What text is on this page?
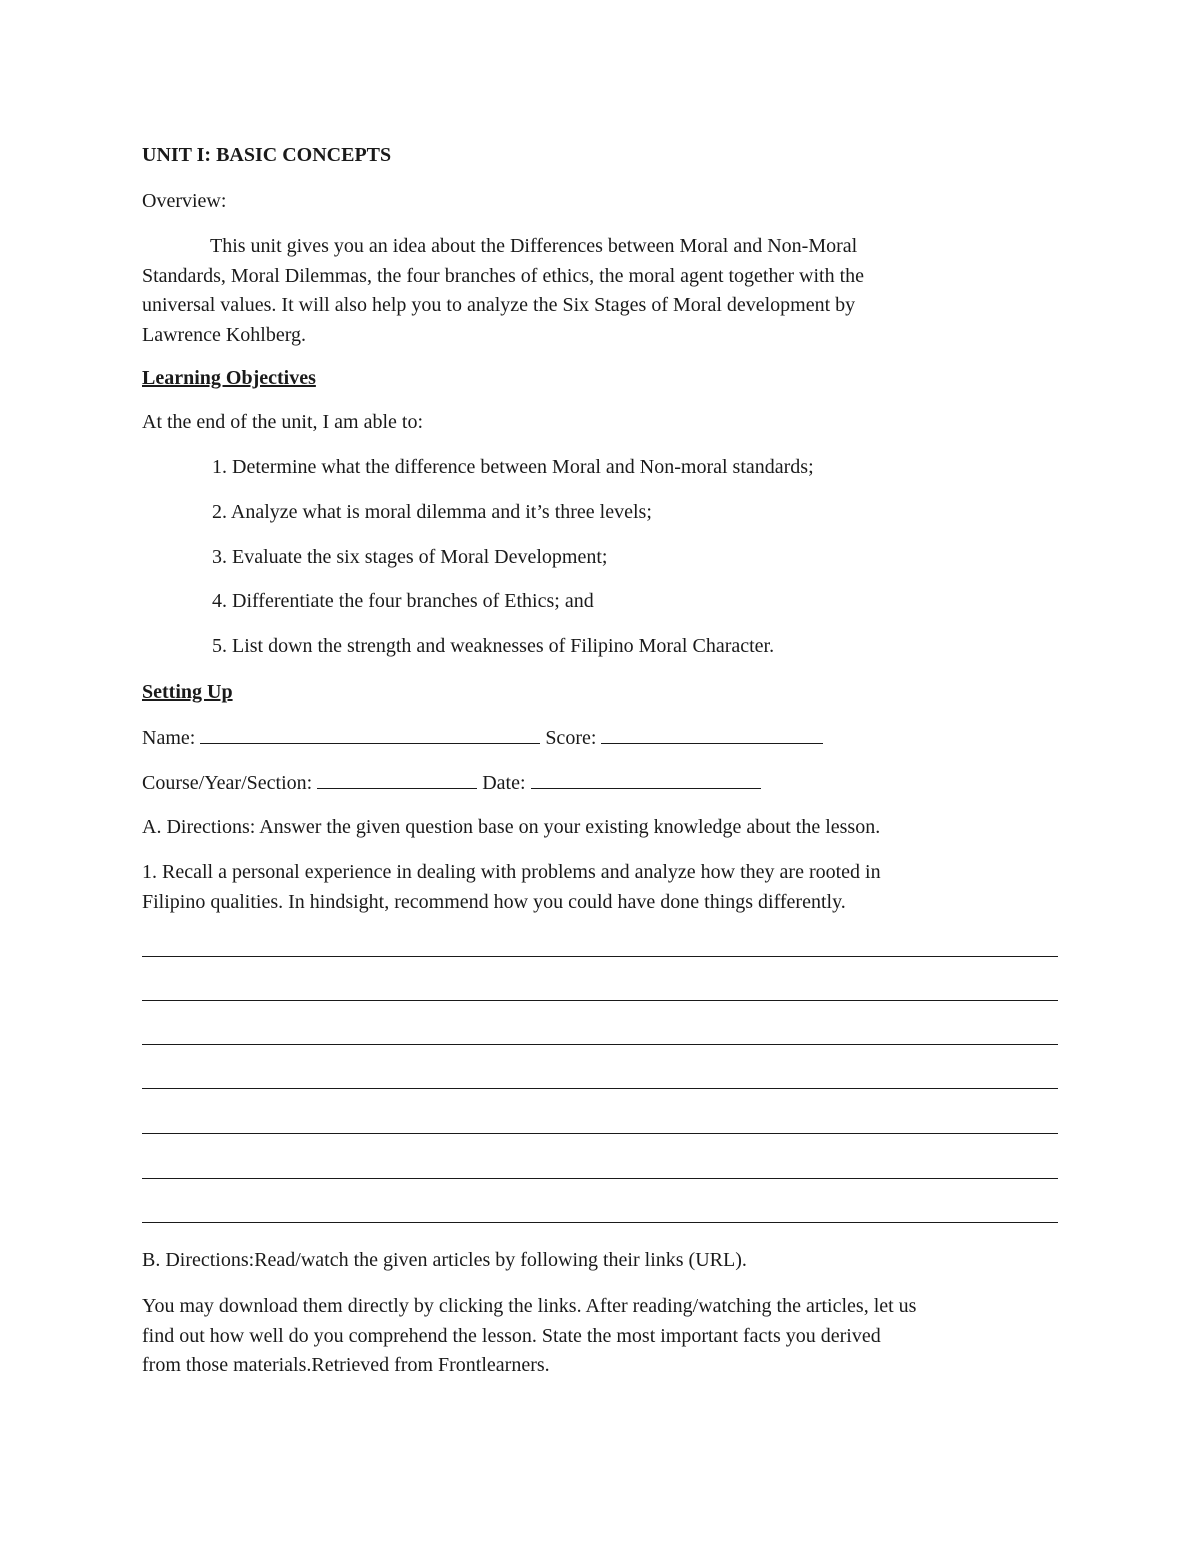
UNIT I: BASIC CONCEPTS
Overview:
This unit gives you an idea about the Differences between Moral and Non-Moral
Standards, Moral Dilemmas, the four branches of ethics, the moral agent together with the
universal values. It will also help you to analyze the Six Stages of Moral development by
Lawrence Kohlberg.
Learning Objectives
At the end of the unit, I am able to:
1. Determine what the difference between Moral and Non-moral standards;
2. Analyze what is moral dilemma and it’s three levels;
3. Evaluate the six stages of Moral Development;
4. Differentiate the four branches of Ethics; and
5. List down the strength and weaknesses of Filipino Moral Character.
Setting Up
Name:	Score:
Course/Year/Section:	Date:
A. Directions: Answer the given question base on your existing knowledge about the lesson.
1. Recall a personal experience in dealing with problems and analyze how they are rooted in
Filipino qualities. In hindsight, recommend how you could have done things differently.
B. Directions:Read/watch the given articles by following their links (URL).
You may download them directly by clicking the links. After reading/watching the articles, let us
find out how well do you comprehend the lesson. State the most important facts you derived
from those materials.Retrieved from Frontlearners.
